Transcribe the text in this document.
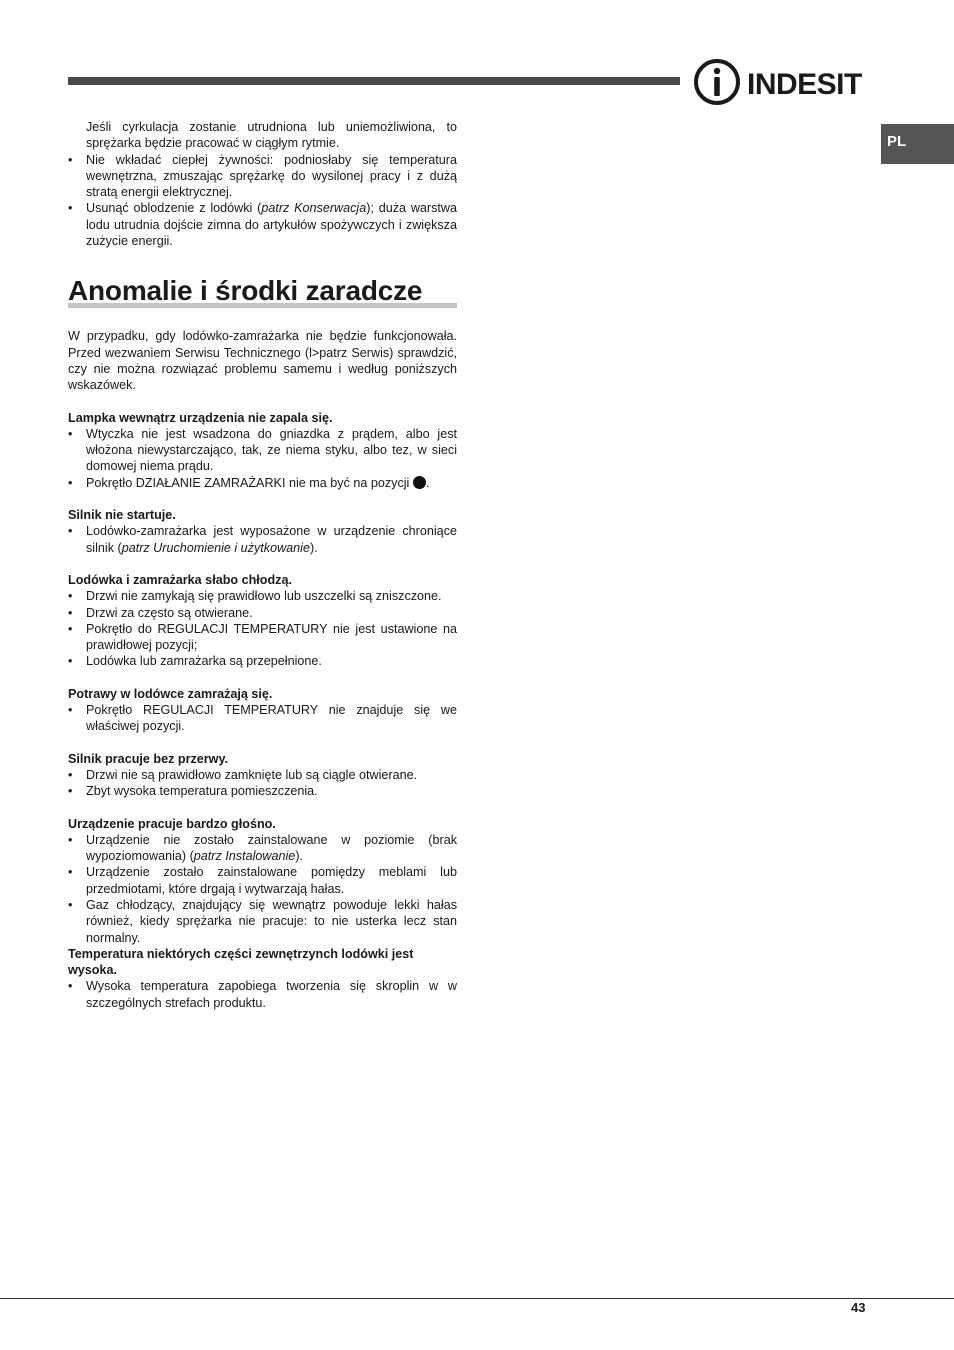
INDESIT
PL

Jeśli cyrkulacja zostanie utrudniona lub uniemożliwiona, to sprężarka będzie pracować w ciągłym rytmie.

• Nie wkładać ciepłej żywności: podniosłaby się temperatura wewnętrzna, zmuszając sprężarkę do wysilonej pracy i z dużą stratą energii elektrycznej.
• Usunąć oblodzenie z lodówki (patrz Konserwacja); duża warstwa lodu utrudnia dojście zimna do artykułów spożywczych i zwiększa zużycie energii.
Anomalie i środki zaradcze

W przypadku, gdy lodówko-zamrażarka nie będzie funkcjonowała. Przed wezwaniem Serwisu Technicznego (l>patrz Serwis) sprawdzić, czy nie można rozwiązać problemu samemu i według poniższych wskazówek.

Lampka wewnątrz urządzenia nie zapala się.
• Wtyczka nie jest wsadzona do gniazdka z prądem, albo jest włożona niewystarczająco, tak, ze niema styku, albo tez, w sieci domowej niema prądu.
• Pokrętło DZIAŁANIE ZAMRAŻARKI nie ma być na pozycji .
Silnik nie startuje.
• Lodówko-zamrażarka jest wyposażone w urządzenie chroniące silnik (patrz Uruchomienie i użytkowanie).
Lodówka i zamrażarka słabo chłodzą.
• Drzwi nie zamykają się prawidłowo lub uszczelki są zniszczone.
• Drzwi za często są otwierane.
• Pokrętło do REGULACJI TEMPERATURY nie jest ustawione na prawidłowej pozycji;
• Lodówka lub zamrażarka są przepełnione.
Potrawy w lodówce zamrażają się.
• Pokrętło REGULACJI TEMPERATURY nie znajduje się we właściwej pozycji.
Silnik pracuje bez przerwy.
• Drzwi nie są prawidłowo zamknięte lub są ciągle otwierane.
• Zbyt wysoka temperatura pomieszczenia.
Urządzenie pracuje bardzo głośno.
• Urządzenie nie zostało zainstalowane w poziomie (brak wypoziomowania) (patrz Instalowanie).
• Urządzenie zostało zainstalowane pomiędzy meblami lub przedmiotami, które drgają i wytwarzają hałas.
• Gaz chłodzący, znajdujący się wewnątrz powoduje lekki hałas również, kiedy sprężarka nie pracuje: to nie usterka lecz stan normalny.
Temperatura niektórych części zewnętrzynch lodówki jest wysoka.
• Wysoka temperatura zapobiega tworzenia się skroplin w w szczególnych strefach produktu.
43
